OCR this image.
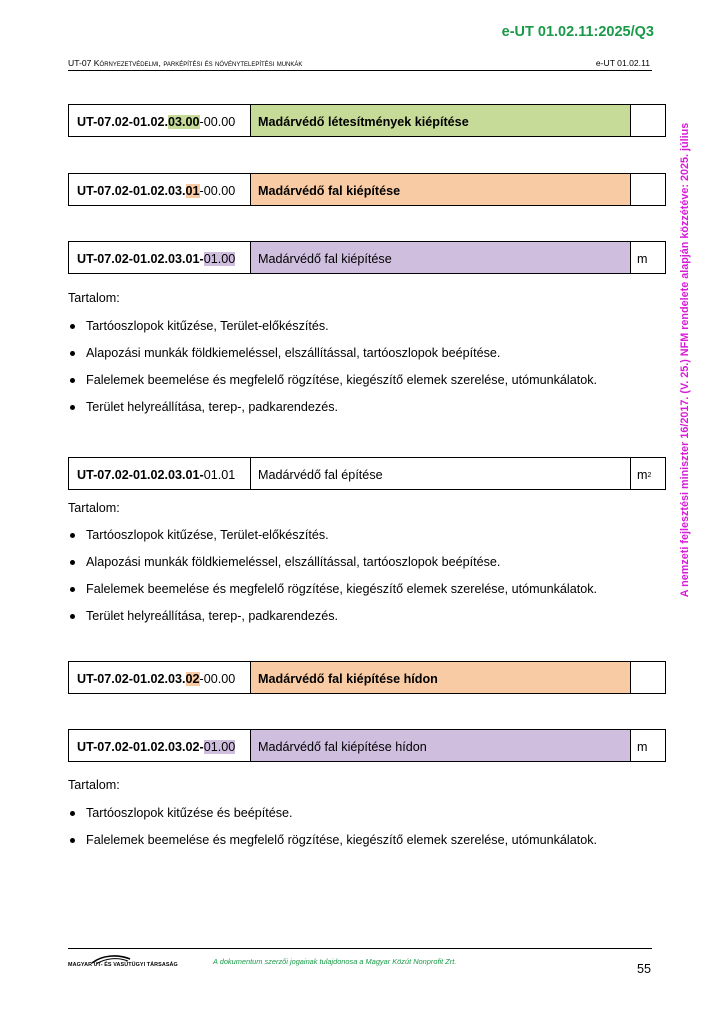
e-UT 01.02.11:2025/Q3
UT-07 Környezetvédelmi, parképítési és növénytelepítési munkák	e-UT 01.02.11
A nemzeti fejlesztési miniszter 16/2017. (V. 25.) NFM rendelete alapján közzétéve: 2025. július
UT-07.02-01.02. 03.00 -00.00	Madárvédő létesítmények kiépítése
UT-07.02-01.02.03. 01 -00.00	Madárvédő fal kiépítése
UT-07.02-01.02.03.01- 01.00	Madárvédő fal kiépítése	m
Tartalom:
Tartóoszlopok kitűzése, Terület-előkészítés.
Alapozási munkák földkiemeléssel, elszállítással, tartóoszlopok beépítése.
Falelemek beemelése és megfelelő rögzítése, kiegészítő elemek szerelése, utómunkálatok.
Terület helyreállítása, terep-, padkarendezés.
UT-07.02-01.02.03.01- 01.01	Madárvédő fal építése	m 2
Tartalom:
Tartóoszlopok kitűzése, Terület-előkészítés.
Alapozási munkák földkiemeléssel, elszállítással, tartóoszlopok beépítése.
Falelemek beemelése és megfelelő rögzítése, kiegészítő elemek szerelése, utómunkálatok.
Terület helyreállítása, terep-, padkarendezés.
UT-07.02-01.02.03. 02 -00.00	Madárvédő fal kiépítése hídon
UT-07.02-01.02.03.02- 01.00	Madárvédő fal kiépítése hídon	m
Tartalom:
Tartóoszlopok kitűzése és beépítése.
Falelemek beemelése és megfelelő rögzítése, kiegészítő elemek szerelése, utómunkálatok.
MAGYAR ÚT- ÉS VASÚTÜGYI TÁRSASÁG	A dokumentum szerzői jogainak tulajdonosa a Magyar Közút Nonprofit Zrt.
55
